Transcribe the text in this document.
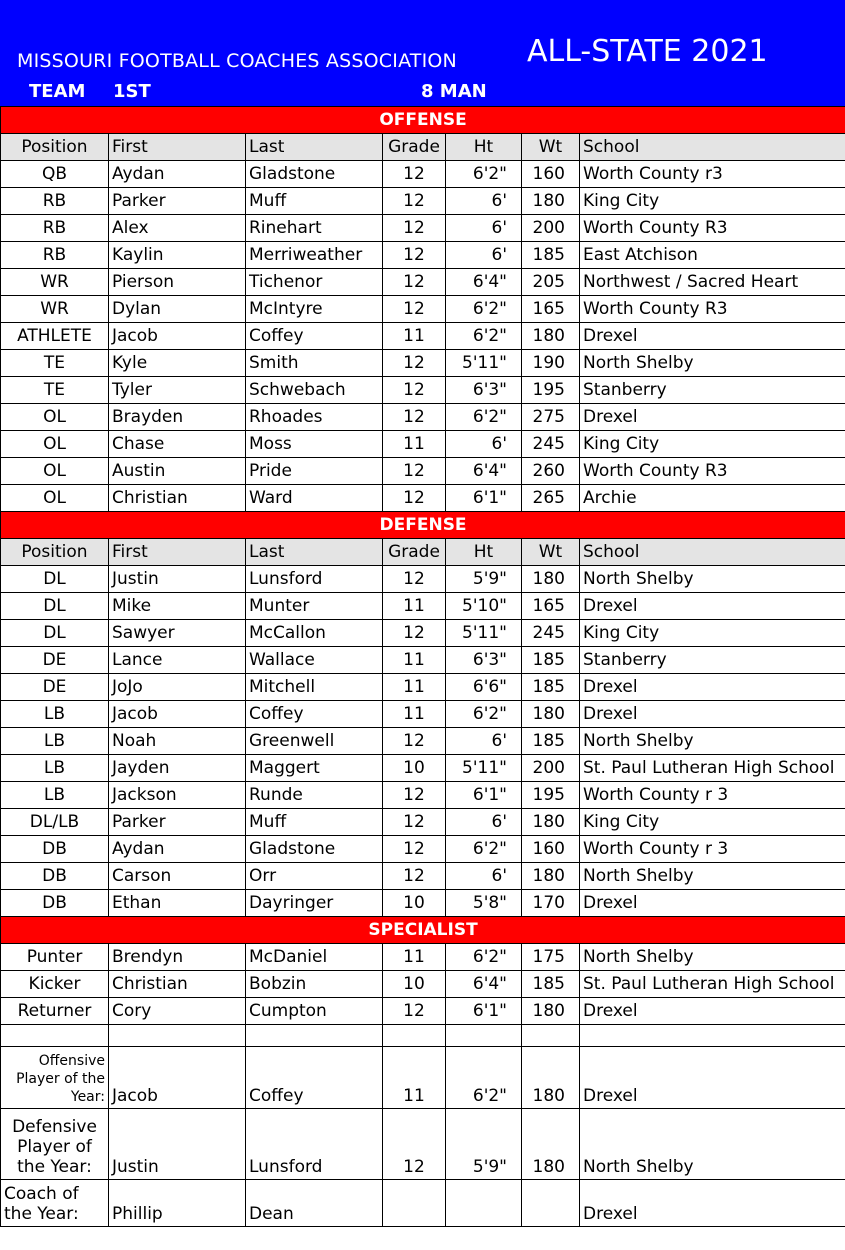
MISSOURI FOOTBALL COACHES ASSOCIATION ALL-STATE 2021
TEAM 1ST	8 MAN
OFFENSE						
Position	First	Last	Grade	Ht	Wt	School
QB	Aydan	Gladstone	12	6'2"	160	Worth County r3
RB	Parker	Muff	12	6'	180	King City
RB	Alex	Rinehart	12	6'	200	Worth County R3
RB	Kaylin	Merriweather	12	6'	185	East Atchison
WR	Pierson	Tichenor	12	6'4"	205	Northwest / Sacred Heart
WR	Dylan	McIntyre	12	6'2"	165	Worth County R3
ATHLETE	Jacob	Coffey	11	6'2"	180	Drexel
TE	Kyle	Smith	12	5'11"	190	North Shelby
TE	Tyler	Schwebach	12	6'3"	195	Stanberry
OL	Brayden	Rhoades	12	6'2"	275	Drexel
OL	Chase	Moss	11	6'	245	King City
OL	Austin	Pride	12	6'4"	260	Worth County R3
OL	Christian	Ward	12	6'1"	265	Archie
DEFENSE						
Position	First	Last	Grade	Ht	Wt	School
DL	Justin	Lunsford	12	5'9"	180	North Shelby
DL	Mike	Munter	11	5'10"	165	Drexel
DL	Sawyer	McCallon	12	5'11"	245	King City
DE	Lance	Wallace	11	6'3"	185	Stanberry
DE	JoJo	Mitchell	11	6'6"	185	Drexel
LB	Jacob	Coffey	11	6'2"	180	Drexel
LB	Noah	Greenwell	12	6'	185	North Shelby
LB	Jayden	Maggert	10	5'11"	200	St. Paul Lutheran High School
LB	Jackson	Runde	12	6'1"	195	Worth County r 3
DL/LB	Parker	Muff	12	6'	180	King City
DB	Aydan	Gladstone	12	6'2"	160	Worth County r 3
DB	Carson	Orr	12	6'	180	North Shelby
DB	Ethan	Dayringer	10	5'8"	170	Drexel
SPECIALIST						
Punter	Brendyn	McDaniel	11	6'2"	175	North Shelby
Kicker	Christian	Bobzin	10	6'4"	185	St. Paul Lutheran High School
Returner	Cory	Cumpton	12	6'1"	180	Drexel

Offensive Player of the Year:	Jacob	Coffey	11	6'2"	180	Drexel
Defensive Player of the Year:	Justin	Lunsford	12	5'9"	180	North Shelby
Coach of the Year:	Phillip	Dean				Drexel
